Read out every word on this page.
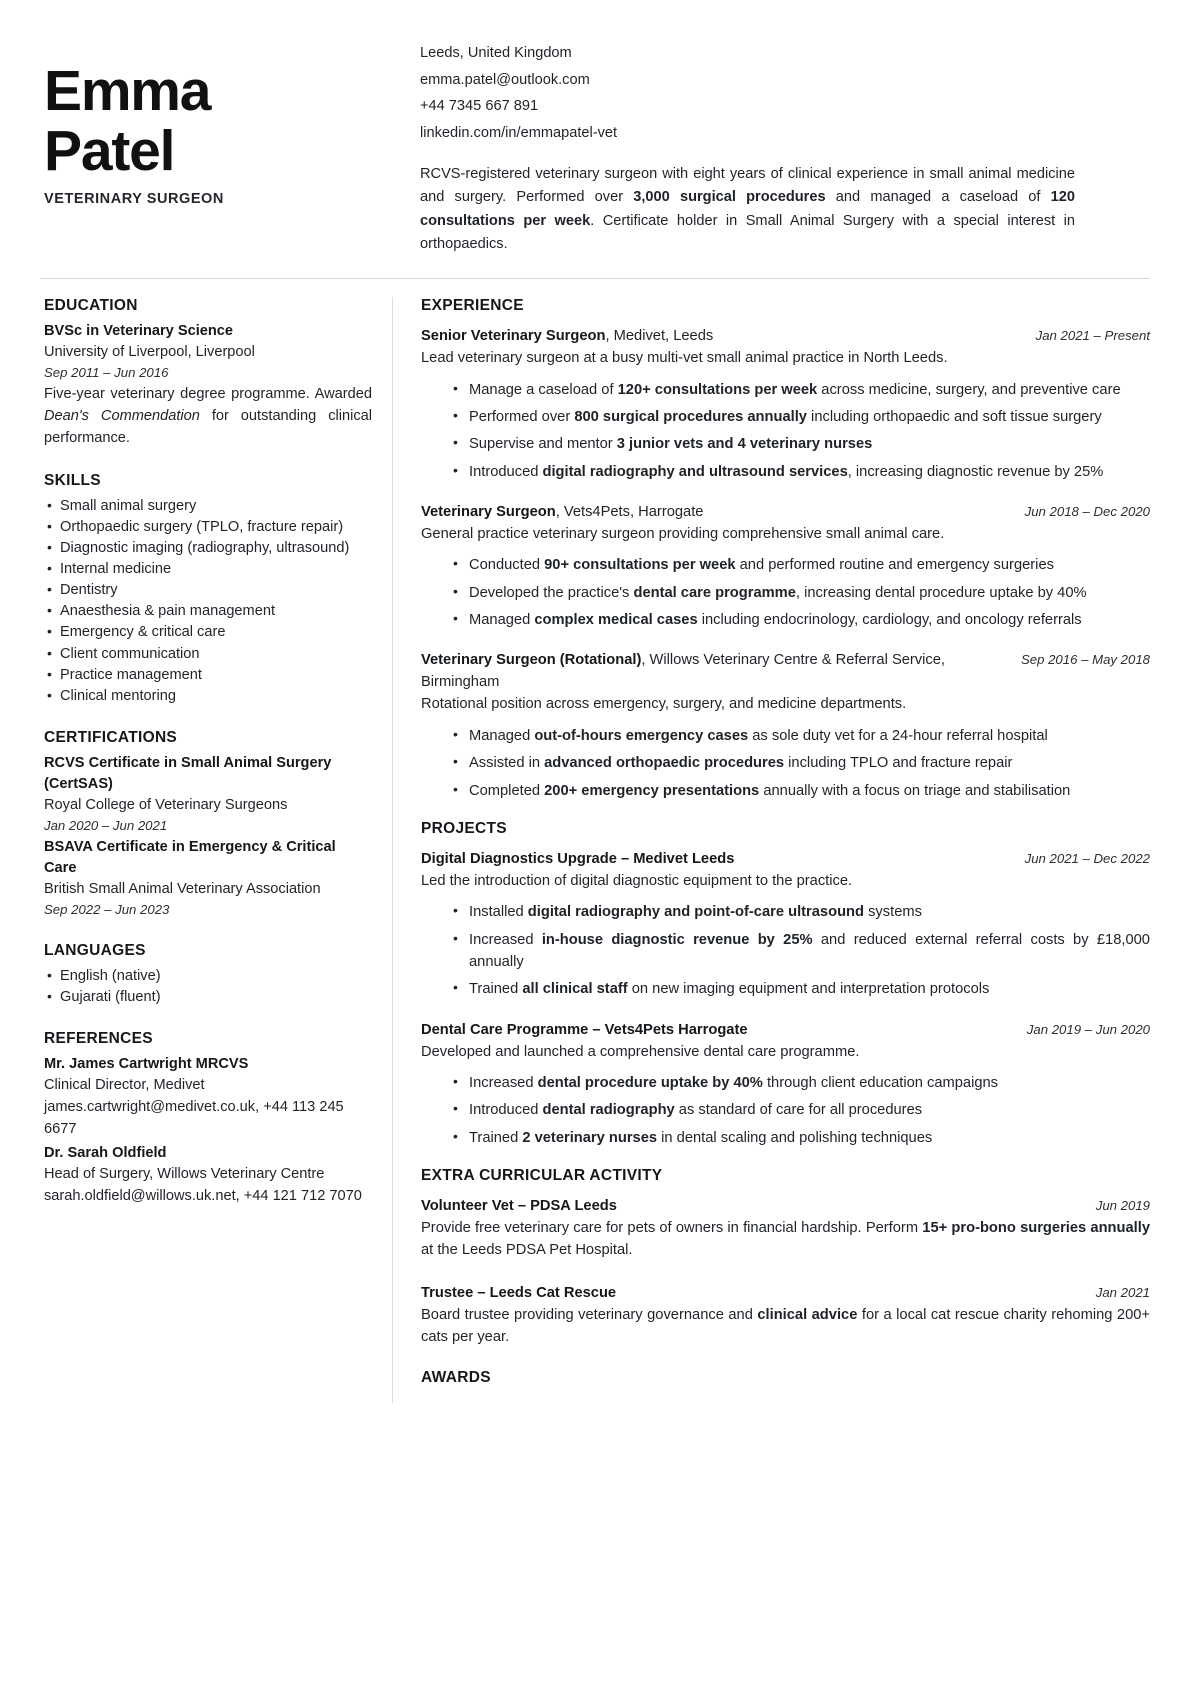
Emma
Patel
VETERINARY SURGEON
Leeds, United Kingdom
emma.patel@outlook.com
+44 7345 667 891
linkedin.com/in/emmapatel-vet
RCVS-registered veterinary surgeon with eight years of clinical experience in small animal medicine and surgery. Performed over 3,000 surgical procedures and managed a caseload of 120 consultations per week. Certificate holder in Small Animal Surgery with a special interest in orthopaedics.
EDUCATION
BVSc in Veterinary Science
University of Liverpool, Liverpool
Sep 2011 – Jun 2016
Five-year veterinary degree programme. Awarded Dean's Commendation for outstanding clinical performance.
SKILLS
• Small animal surgery
• Orthopaedic surgery (TPLO, fracture repair)
• Diagnostic imaging (radiography, ultrasound)
• Internal medicine
• Dentistry
• Anaesthesia & pain management
• Emergency & critical care
• Client communication
• Practice management
• Clinical mentoring
CERTIFICATIONS
RCVS Certificate in Small Animal Surgery (CertSAS)
Royal College of Veterinary Surgeons
Jan 2020 – Jun 2021
BSAVA Certificate in Emergency & Critical Care
British Small Animal Veterinary Association
Sep 2022 – Jun 2023
LANGUAGES
• English (native)
• Gujarati (fluent)
REFERENCES
Mr. James Cartwright MRCVS
Clinical Director, Medivet
james.cartwright@medivet.co.uk, +44 113 245 6677
Dr. Sarah Oldfield
Head of Surgery, Willows Veterinary Centre
sarah.oldfield@willows.uk.net, +44 121 712 7070
EXPERIENCE
Senior Veterinary Surgeon, Medivet, Leeds	Jan 2021 – Present
Lead veterinary surgeon at a busy multi-vet small animal practice in North Leeds.
• Manage a caseload of 120+ consultations per week across medicine, surgery, and preventive care
• Performed over 800 surgical procedures annually including orthopaedic and soft tissue surgery
• Supervise and mentor 3 junior vets and 4 veterinary nurses
• Introduced digital radiography and ultrasound services, increasing diagnostic revenue by 25%
Veterinary Surgeon, Vets4Pets, Harrogate	Jun 2018 – Dec 2020
General practice veterinary surgeon providing comprehensive small animal care.
• Conducted 90+ consultations per week and performed routine and emergency surgeries
• Developed the practice's dental care programme, increasing dental procedure uptake by 40%
• Managed complex medical cases including endocrinology, cardiology, and oncology referrals
Veterinary Surgeon (Rotational), Willows Veterinary Centre & Referral Service, Birmingham
Sep 2016 – May 2018
Rotational position across emergency, surgery, and medicine departments.
• Managed out-of-hours emergency cases as sole duty vet for a 24-hour referral hospital
• Assisted in advanced orthopaedic procedures including TPLO and fracture repair
• Completed 200+ emergency presentations annually with a focus on triage and stabilisation
PROJECTS
Digital Diagnostics Upgrade – Medivet Leeds	Jun 2021 – Dec 2022
Led the introduction of digital diagnostic equipment to the practice.
• Installed digital radiography and point-of-care ultrasound systems
• Increased in-house diagnostic revenue by 25% and reduced external referral costs by £18,000 annually
• Trained all clinical staff on new imaging equipment and interpretation protocols
Dental Care Programme – Vets4Pets Harrogate	Jan 2019 – Jun 2020
Developed and launched a comprehensive dental care programme.
• Increased dental procedure uptake by 40% through client education campaigns
• Introduced dental radiography as standard of care for all procedures
• Trained 2 veterinary nurses in dental scaling and polishing techniques
EXTRA CURRICULAR ACTIVITY
Volunteer Vet – PDSA Leeds	Jun 2019
Provide free veterinary care for pets of owners in financial hardship. Perform 15+ pro-bono surgeries annually at the Leeds PDSA Pet Hospital.
Trustee – Leeds Cat Rescue	Jan 2021
Board trustee providing veterinary governance and clinical advice for a local cat rescue charity rehoming 200+ cats per year.
AWARDS
